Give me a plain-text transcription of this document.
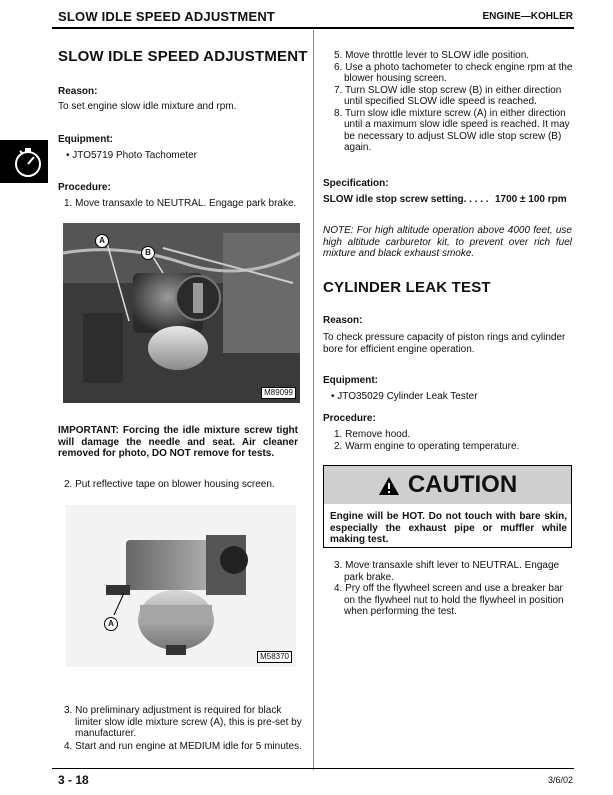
SLOW IDLE SPEED ADJUSTMENT	ENGINE—KOHLER
SLOW IDLE SPEED ADJUSTMENT
Reason:
To set engine slow idle mixture and rpm.
Equipment:
• JTO5719 Photo Tachometer
Procedure:
1. Move transaxle to NEUTRAL. Engage park brake.
A
B
M89099
IMPORTANT: Forcing the idle mixture screw tight will damage the needle and seat. Air cleaner removed for photo, DO NOT remove for tests.
2. Put reflective tape on blower housing screen.
A
M58370
3. No preliminary adjustment is required for black limiter slow idle mixture screw (A), this is pre-set by manufacturer.
4. Start and run engine at MEDIUM idle for 5 minutes.
5. Move throttle lever to SLOW idle position.
6. Use a photo tachometer to check engine rpm at the blower housing screen.
7. Turn SLOW idle stop screw (B) in either direction until specified SLOW idle speed is reached.
8. Turn slow idle mixture screw (A) in either direction until a maximum slow idle speed is reached. It may be necessary to adjust SLOW idle stop screw (B) again.
Specification:
SLOW idle stop screw setting. . . . . 1700 ± 100 rpm
NOTE: For high altitude operation above 4000 feet, use high altitude carburetor kit, to prevent over rich fuel mixture and black exhaust smoke.
CYLINDER LEAK TEST
Reason:
To check pressure capacity of piston rings and cylinder bore for efficient engine operation.
Equipment:
• JTO35029 Cylinder Leak Tester
Procedure:
1. Remove hood.
2. Warm engine to operating temperature.
CAUTION
Engine will be HOT. Do not touch with bare skin, especially the exhaust pipe or muffler while making test.
3. Move transaxle shift lever to NEUTRAL. Engage park brake.
4. Pry off the flywheel screen and use a breaker bar on the flywheel nut to hold the flywheel in position when performing the test.
3 - 18	3/6/02
